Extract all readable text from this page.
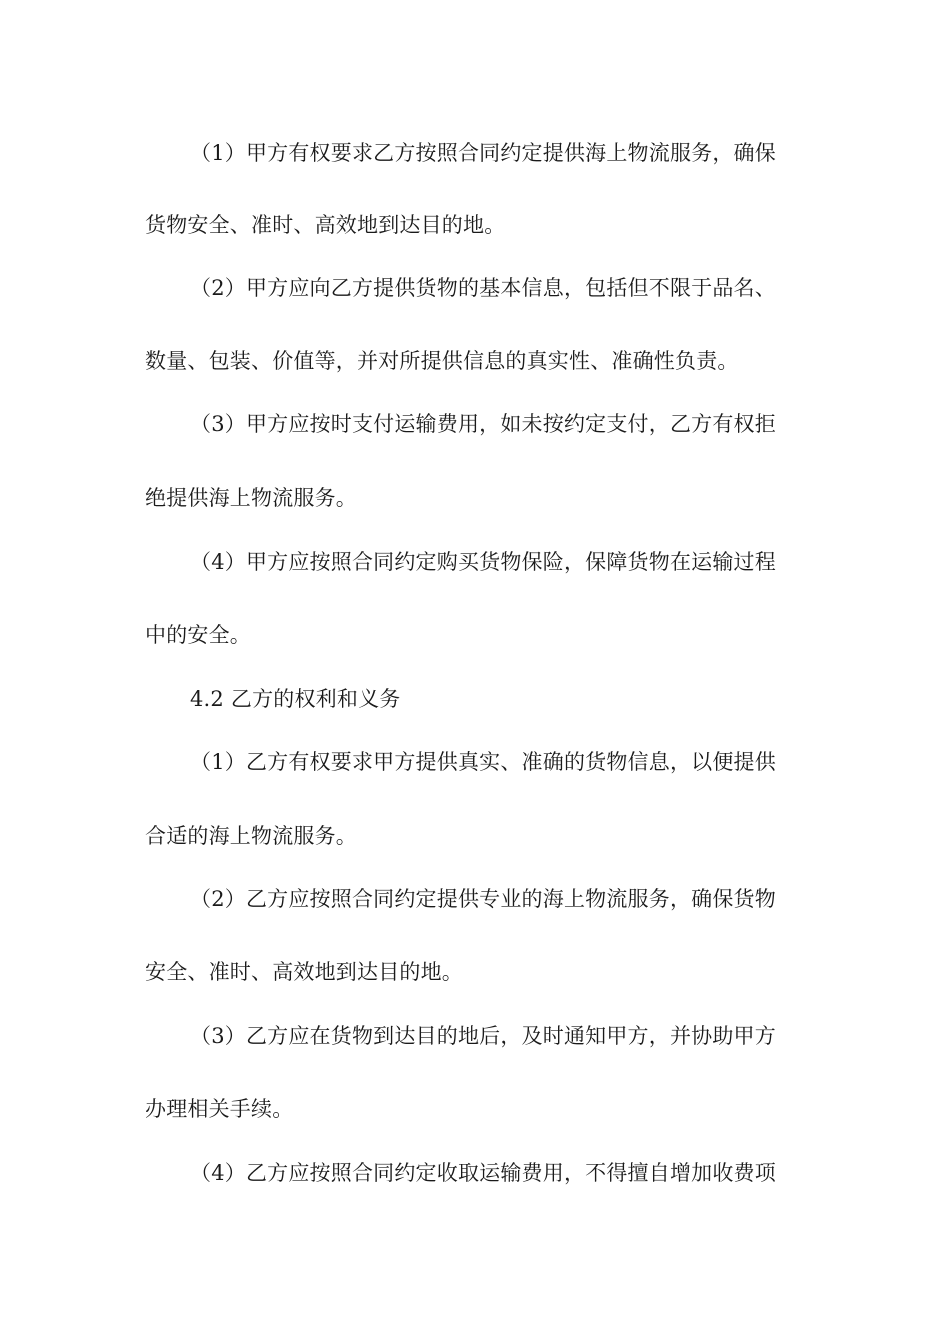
（1）甲方有权要求乙方按照合同约定提供海上物流服务，确保
货物安全、准时、高效地到达目的地。
（2）甲方应向乙方提供货物的基本信息，包括但不限于品名、
数量、包装、价值等，并对所提供信息的真实性、准确性负责。
（3）甲方应按时支付运输费用，如未按约定支付，乙方有权拒
绝提供海上物流服务。
（4）甲方应按照合同约定购买货物保险，保障货物在运输过程
中的安全。
4.2 乙方的权利和义务
（1）乙方有权要求甲方提供真实、准确的货物信息，以便提供
合适的海上物流服务。
（2）乙方应按照合同约定提供专业的海上物流服务，确保货物
安全、准时、高效地到达目的地。
（3）乙方应在货物到达目的地后，及时通知甲方，并协助甲方
办理相关手续。
（4）乙方应按照合同约定收取运输费用，不得擅自增加收费项
